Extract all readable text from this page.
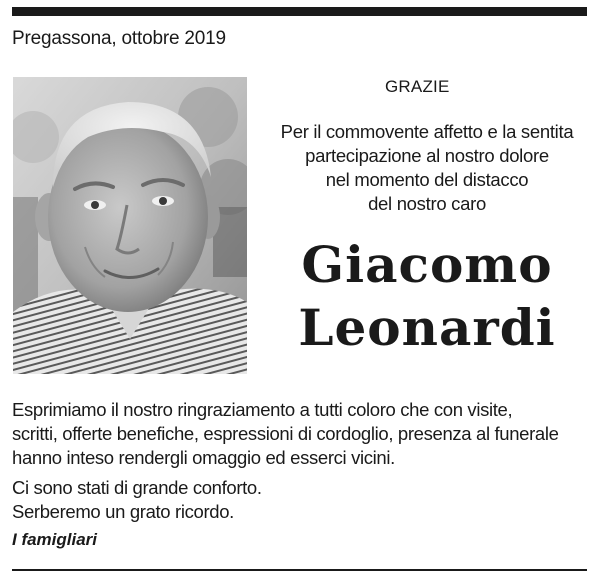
Pregassona, ottobre 2019
GRAZIE
Per il commovente affetto e la sentita
partecipazione al nostro dolore
nel momento del distacco
del nostro caro
Giacomo
Leonardi
Esprimiamo il nostro ringraziamento a tutti coloro che con visite,
scritti, offerte benefiche, espressioni di cordoglio, presenza al funerale
hanno inteso rendergli omaggio ed esserci vicini.
Ci sono stati di grande conforto.
Serberemo un grato ricordo.
I famigliari
